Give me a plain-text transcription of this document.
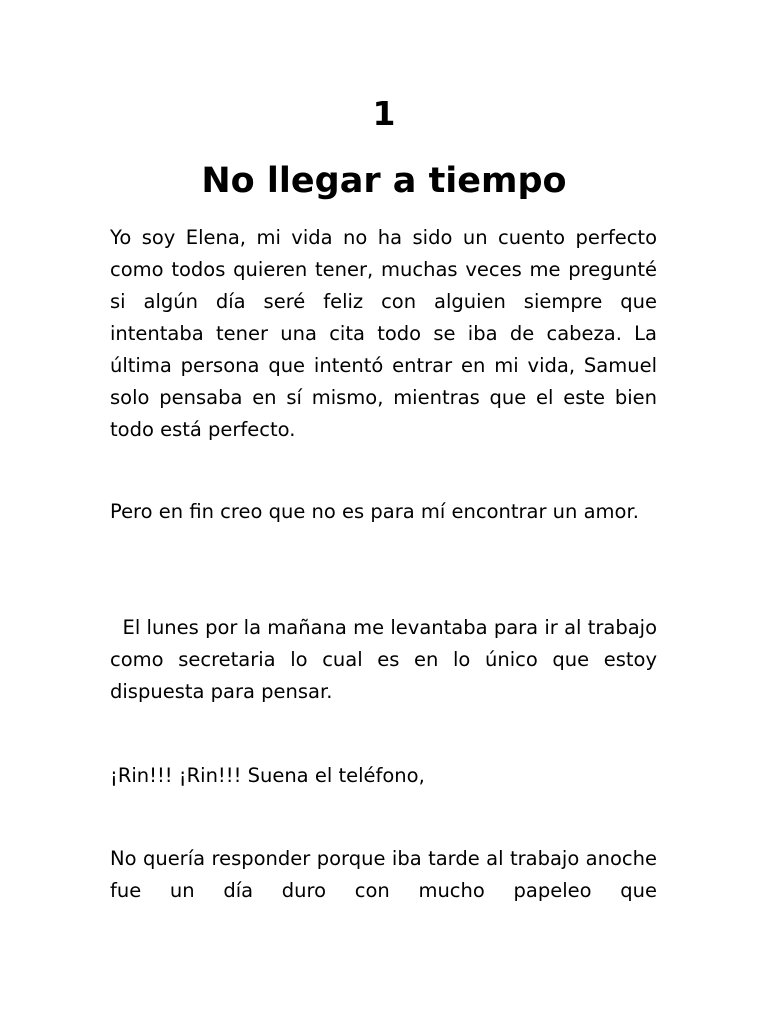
1
No llegar a tiempo

Yo soy Elena, mi vida no ha sido un cuento perfecto como todos quieren tener, muchas veces me pregunté si algún día seré feliz con alguien siempre que intentaba tener una cita todo se iba de cabeza. La última persona que intentó entrar en mi vida, Samuel solo pensaba en sí mismo, mientras que el este bien todo está perfecto.

Pero en fin creo que no es para mí encontrar un amor.

El lunes por la mañana me levantaba para ir al trabajo como secretaria lo cual es en lo único que estoy dispuesta para pensar.

¡Rin!!! ¡Rin!!! Suena el teléfono,

No quería responder porque iba tarde al trabajo anoche fue un día duro con mucho papeleo que
